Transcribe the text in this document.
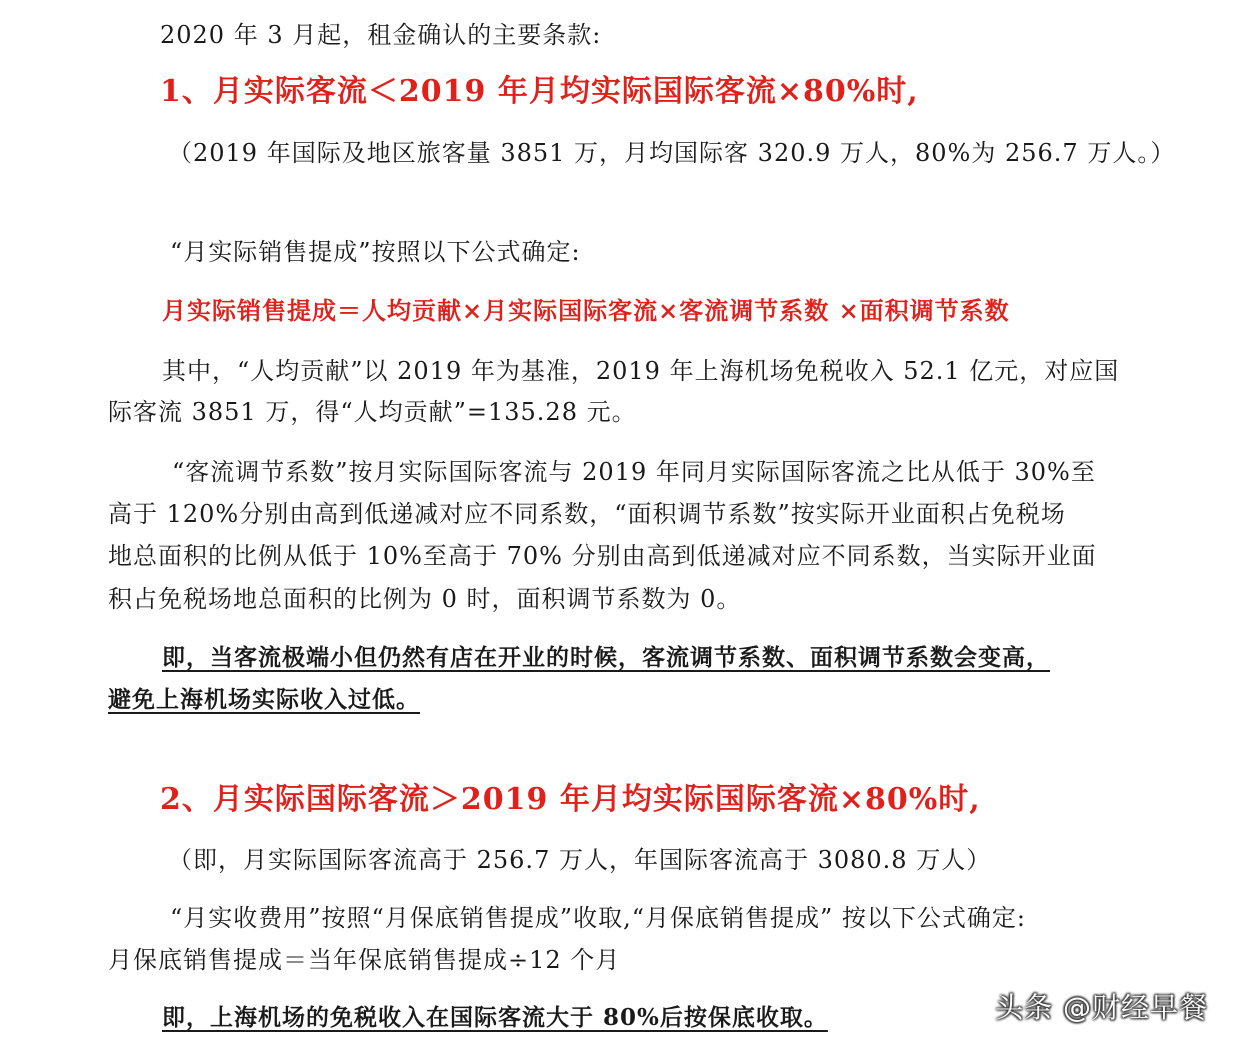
2020 年 3 月起，租金确认的主要条款:
1、月实际客流＜2019 年月均实际国际客流×80%时,
（2019 年国际及地区旅客量 3851 万，月均国际客 320.9 万人，80%为 256.7 万人。）
“月实际销售提成”按照以下公式确定:
月实际销售提成＝人均贡献×月实际国际客流×客流调节系数 ×面积调节系数
其中，“人均贡献”以 2019 年为基准，2019 年上海机场免税收入 52.1 亿元，对应国
际客流 3851 万，得“人均贡献”=135.28 元。
“客流调节系数”按月实际国际客流与 2019 年同月实际国际客流之比从低于 30%至
高于 120%分别由高到低递减对应不同系数，“面积调节系数”按实际开业面积占免税场
地总面积的比例从低于 10%至高于 70% 分别由高到低递减对应不同系数，当实际开业面
积占免税场地总面积的比例为 0 时，面积调节系数为 0。
即，当客流极端小但仍然有店在开业的时候，客流调节系数、面积调节系数会变高，
避免上海机场实际收入过低。
2、月实际国际客流＞2019 年月均实际国际客流×80%时,
（即，月实际国际客流高于 256.7 万人，年国际客流高于 3080.8 万人）
“月实收费用”按照“月保底销售提成”收取,“月保底销售提成” 按以下公式确定:
月保底销售提成＝当年保底销售提成÷12 个月
即，上海机场的免税收入在国际客流大于 80%后按保底收取。	头条 @财经早餐
